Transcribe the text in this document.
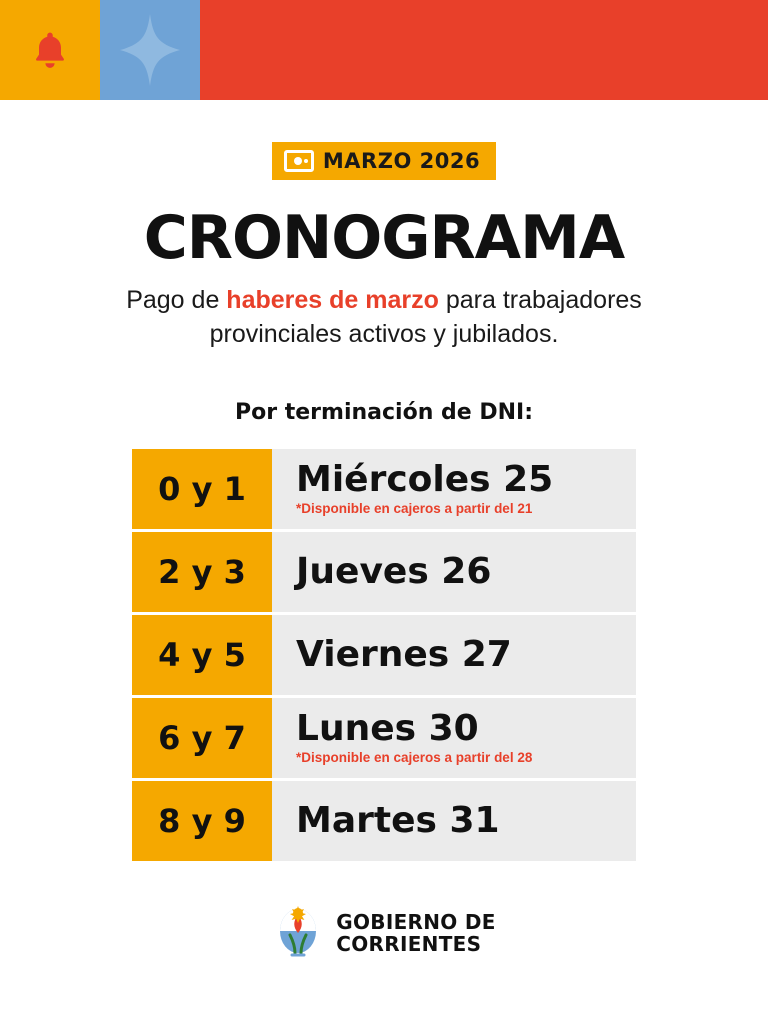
MARZO 2026
CRONOGRAMA
Pago de haberes de marzo para trabajadores
provinciales activos y jubilados.
Por terminación de DNI:
0 y 1	Miércoles 25
*Disponible en cajeros a partir del 21
2 y 3	Jueves 26
4 y 5	Viernes 27
6 y 7	Lunes 30
*Disponible en cajeros a partir del 28
8 y 9	Martes 31
GOBIERNO DE
CORRIENTES
